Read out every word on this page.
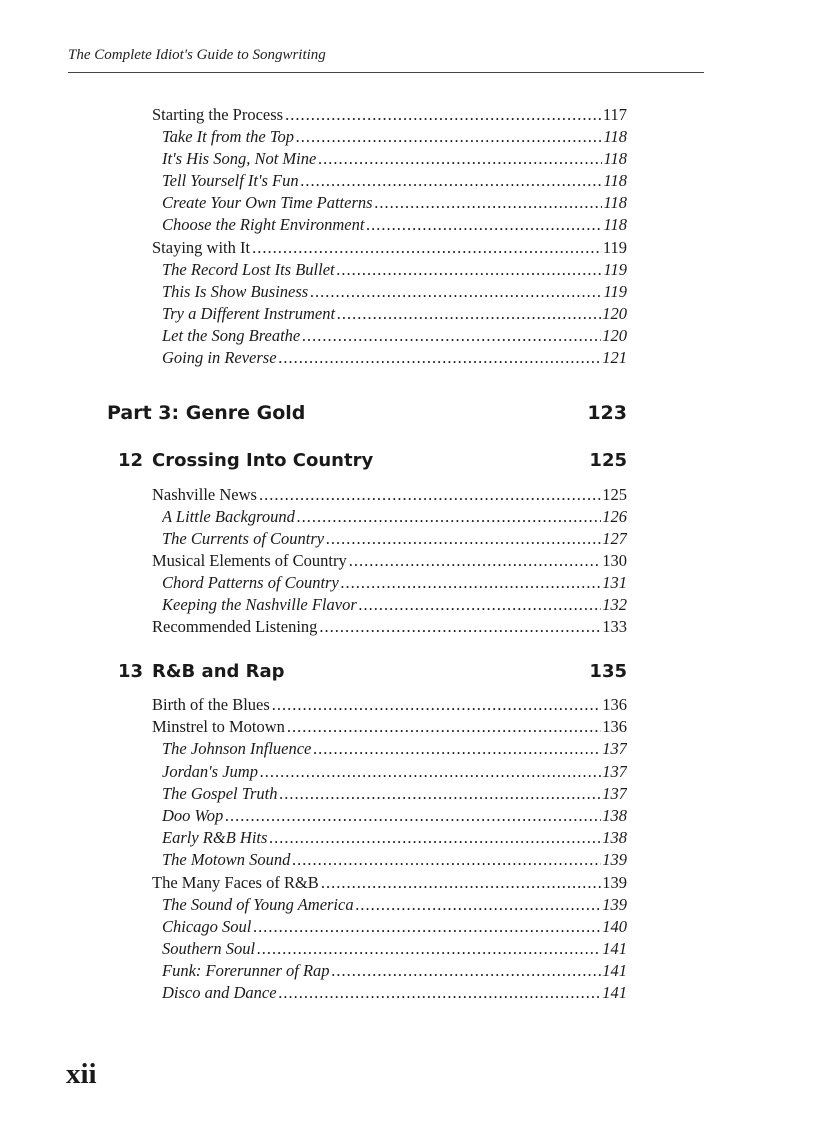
The Complete Idiot's Guide to Songwriting
Starting the Process .....	117
Take It from the Top .....	118
It's His Song, Not Mine .....	118
Tell Yourself It's Fun .....	118
Create Your Own Time Patterns .....	118
Choose the Right Environment .....	118
Staying with It .....	119
The Record Lost Its Bullet .....	119
This Is Show Business .....	119
Try a Different Instrument .....	120
Let the Song Breathe .....	120
Going in Reverse .....	121
Part 3: Genre Gold	123
12 Crossing Into Country	125
Nashville News .....	125
A Little Background .....	126
The Currents of Country .....	127
Musical Elements of Country .....	130
Chord Patterns of Country .....	131
Keeping the Nashville Flavor .....	132
Recommended Listening .....	133
13 R&B and Rap	135
Birth of the Blues .....	136
Minstrel to Motown .....	136
The Johnson Influence .....	137
Jordan's Jump .....	137
The Gospel Truth .....	137
Doo Wop .....	138
Early R&B Hits .....	138
The Motown Sound .....	139
The Many Faces of R&B .....	139
The Sound of Young America .....	139
Chicago Soul .....	140
Southern Soul .....	141
Funk: Forerunner of Rap .....	141
Disco and Dance .....	141
xii
